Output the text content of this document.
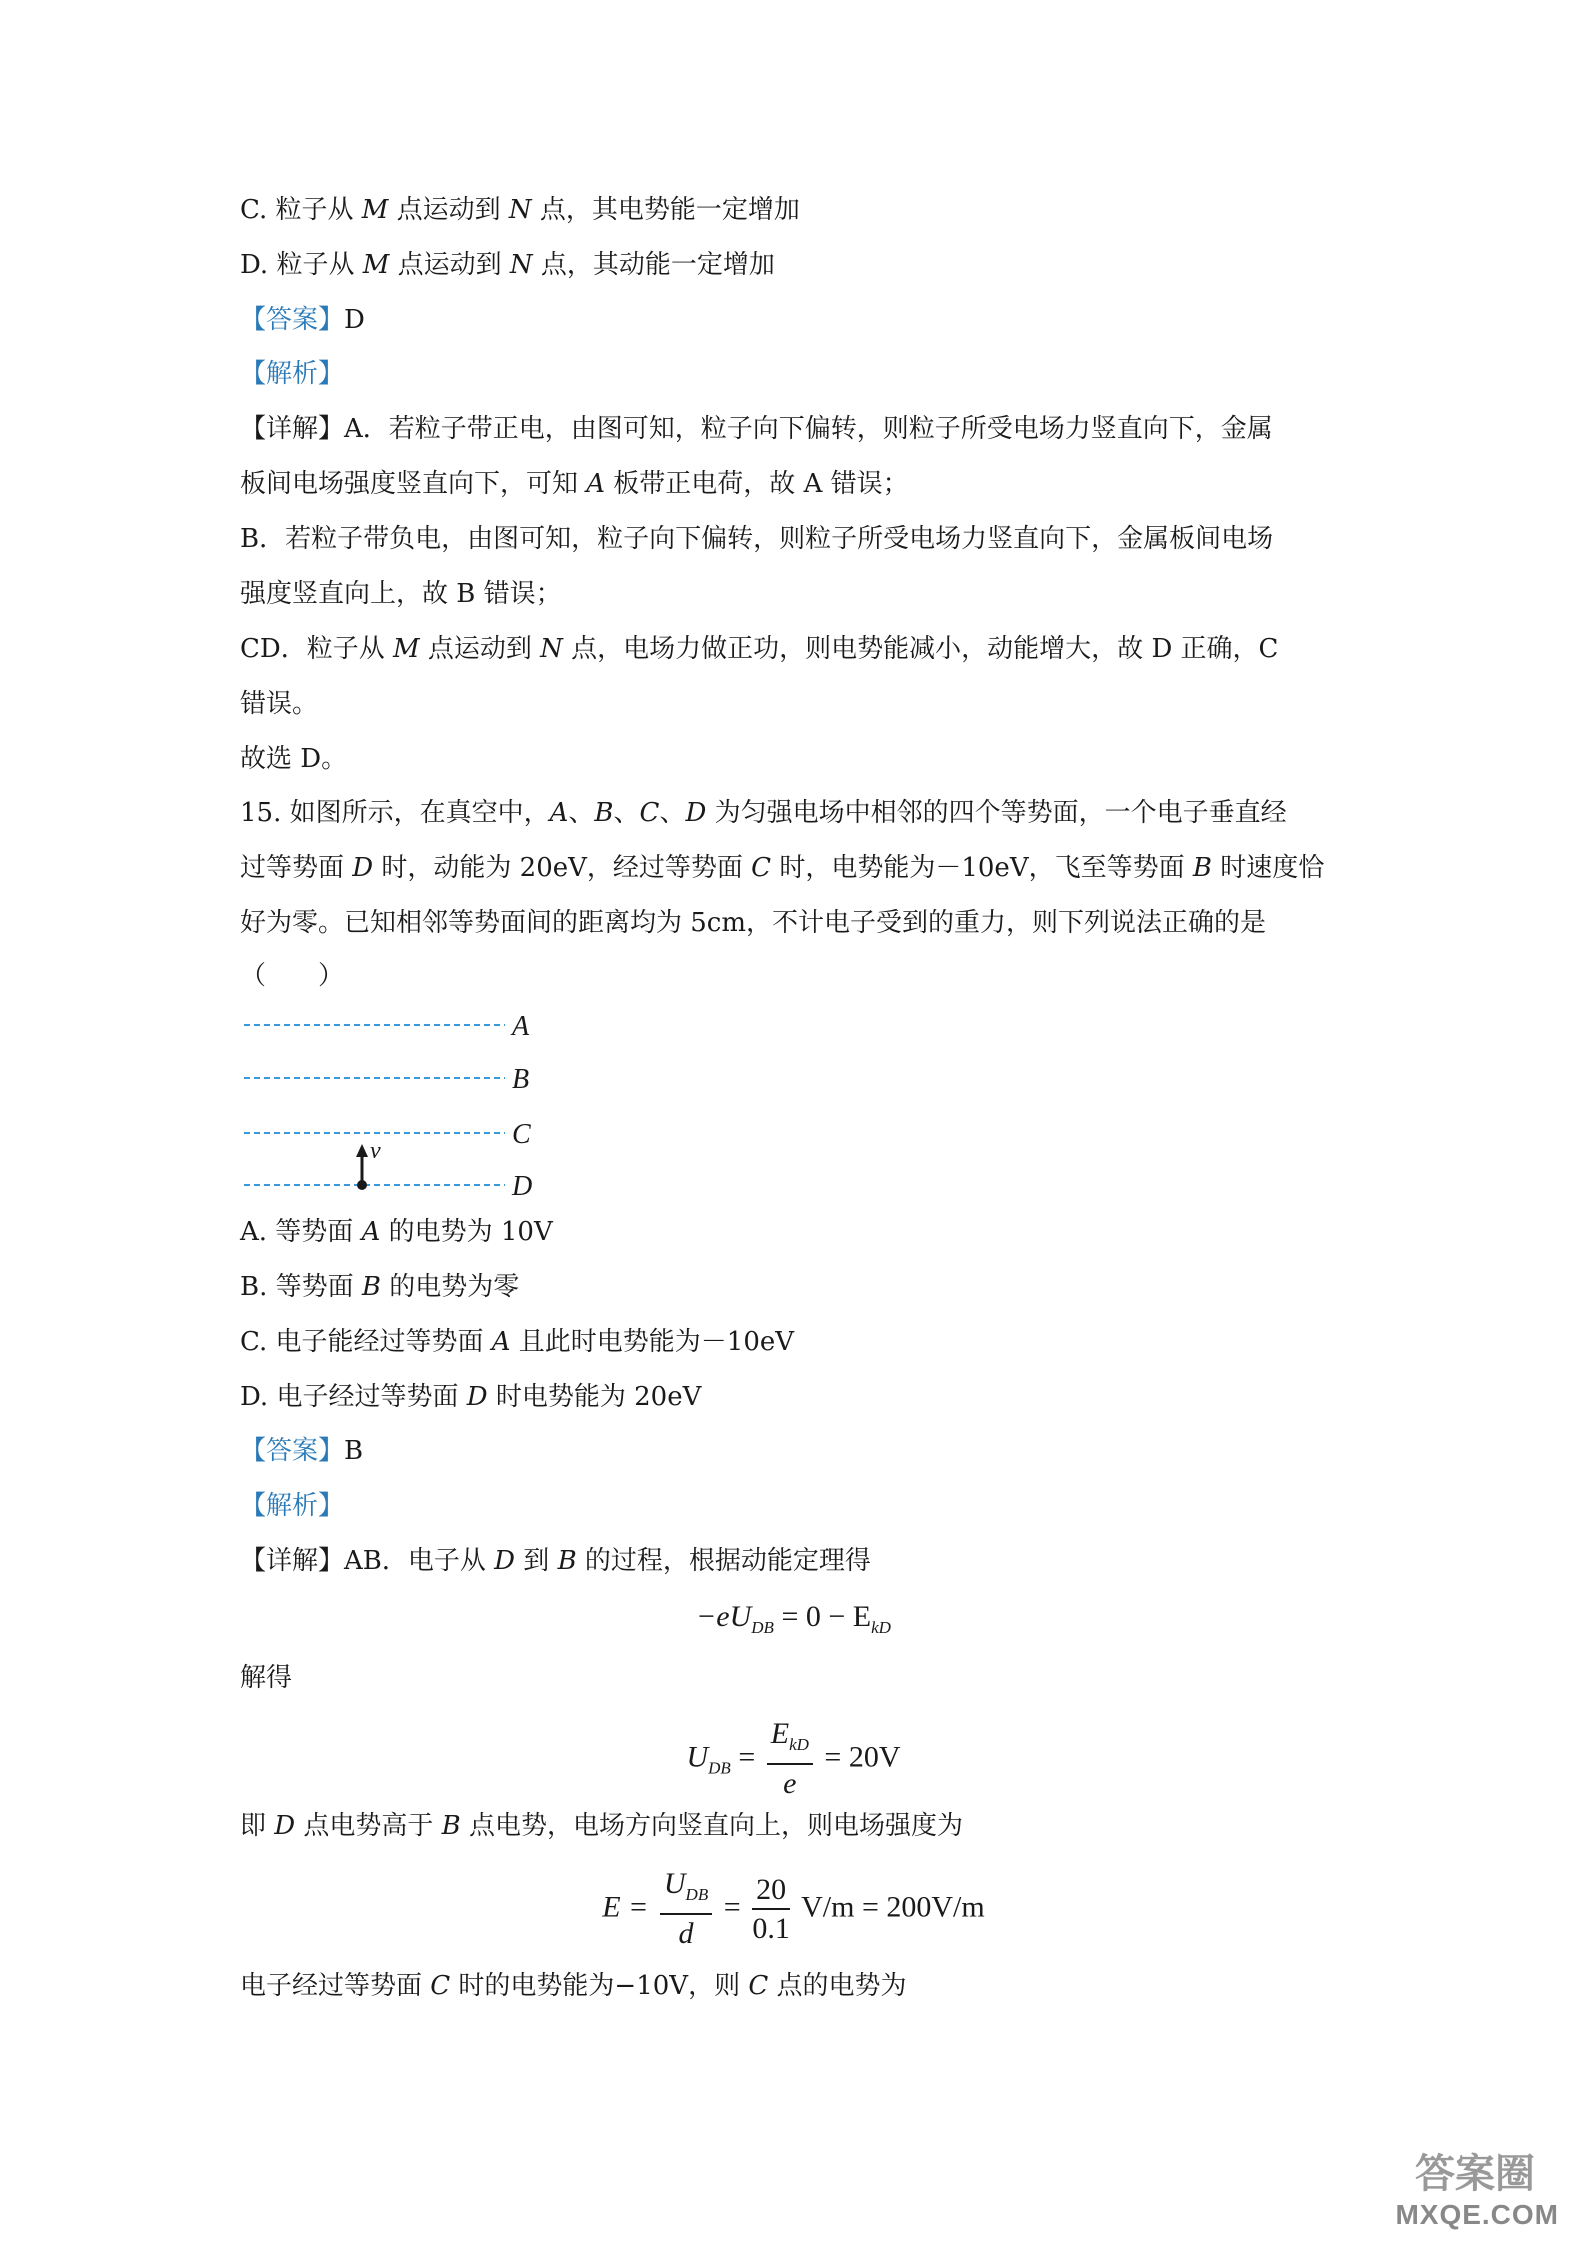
C. 粒子从 M 点运动到 N 点，其电势能一定增加
D. 粒子从 M 点运动到 N 点，其动能一定增加
【答案】D
【解析】
【详解】A．若粒子带正电，由图可知，粒子向下偏转，则粒子所受电场力竖直向下，金属
板间电场强度竖直向下，可知 A 板带正电荷，故 A 错误；
B．若粒子带负电，由图可知，粒子向下偏转，则粒子所受电场力竖直向下，金属板间电场
强度竖直向上，故 B 错误；
CD．粒子从 M 点运动到 N 点，电场力做正功，则电势能减小，动能增大，故 D 正确，C
错误。
故选 D。
15. 如图所示，在真空中，A、B、C、D 为匀强电场中相邻的四个等势面，一个电子垂直经
过等势面 D 时，动能为 20eV，经过等势面 C 时，电势能为－10eV，飞至等势面 B 时速度恰
好为零。已知相邻等势面间的距离均为 5cm，不计电子受到的重力，则下列说法正确的是
（　　）
A
B
C
D
v
A. 等势面 A 的电势为 10V
B. 等势面 B 的电势为零
C. 电子能经过等势面 A 且此时电势能为－10eV
D. 电子经过等势面 D 时电势能为 20eV
【答案】B
【解析】
【详解】AB．电子从 D 到 B 的过程，根据动能定理得
$-eU_{DB} = 0 - E_{kD}$
解得
$U_{DB} = \frac{E_{kD}}{e} = 20V$
即 D 点电势高于 B 点电势，电场方向竖直向上，则电场强度为
$E = \frac{U_{DB}}{d} = \frac{20}{0.1} V/m = 200V/m$
电子经过等势面 C 时的电势能为−10V，则 C 点的电势为
答案圈
MXQE.COM
